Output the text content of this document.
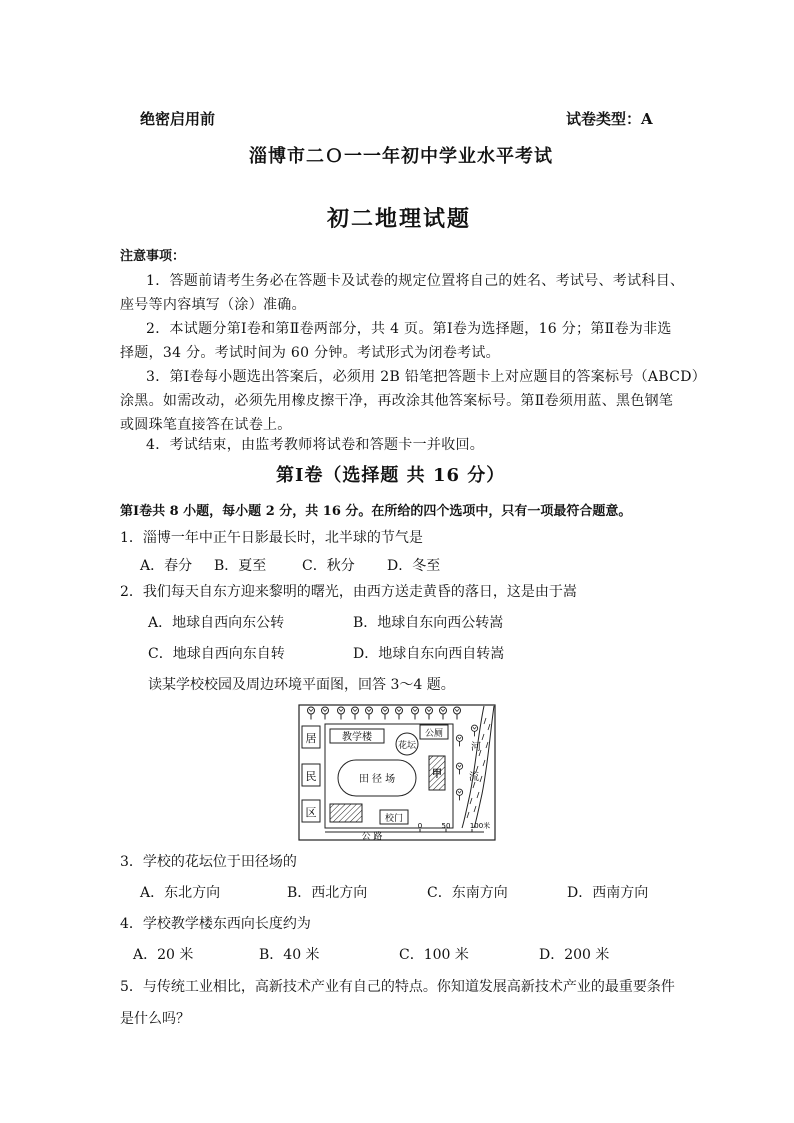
绝密启用前	试卷类型：A
淄博市二Ｏ一一年初中学业水平考试
初二地理试题
注意事项：
1．答题前请考生务必在答题卡及试卷的规定位置将自己的姓名、考试号、考试科目、
座号等内容填写（涂）准确。
2．本试题分第Ⅰ卷和第Ⅱ卷两部分，共 4 页。第Ⅰ卷为选择题，16 分；第Ⅱ卷为非选
择题，34 分。考试时间为 60 分钟。考试形式为闭卷考试。
3．第Ⅰ卷每小题选出答案后，必须用 2B 铅笔把答题卡上对应题目的答案标号（ABCD）
涂黑。如需改动，必须先用橡皮擦干净，再改涂其他答案标号。第Ⅱ卷须用蓝、黑色钢笔
或圆珠笔直接答在试卷上。
4．考试结束，由监考教师将试卷和答题卡一并收回。
第Ⅰ卷（选择题 共 16 分）
第Ⅰ卷共 8 小题，每小题 2 分，共 16 分。在所给的四个选项中，只有一项最符合题意。
1．淄博一年中正午日影最长时，北半球的节气是
A．春分 B．夏至	C．秋分 D．冬至
2．我们每天自东方迎来黎明的曙光，由西方送走黄昏的落日，这是由于嵩
A．地球自西向东公转	B．地球自东向西公转嵩
C．地球自西向东自转	D．地球自东向西自转嵩
读某学校校园及周边环境平面图，回答 3～4 题。
居
民
区
教学楼
花坛
公厕
田 径 场	甲
校门
公 路
0	50	100米
河
流
3．学校的花坛位于田径场的
A．东北方向	B．西北方向	C．东南方向	D．西南方向
4．学校教学楼东西向长度约为
A．20 米	B．40 米	C．100 米	D．200 米
5．与传统工业相比，高新技术产业有自己的特点。你知道发展高新技术产业的最重要条件
是什么吗？
